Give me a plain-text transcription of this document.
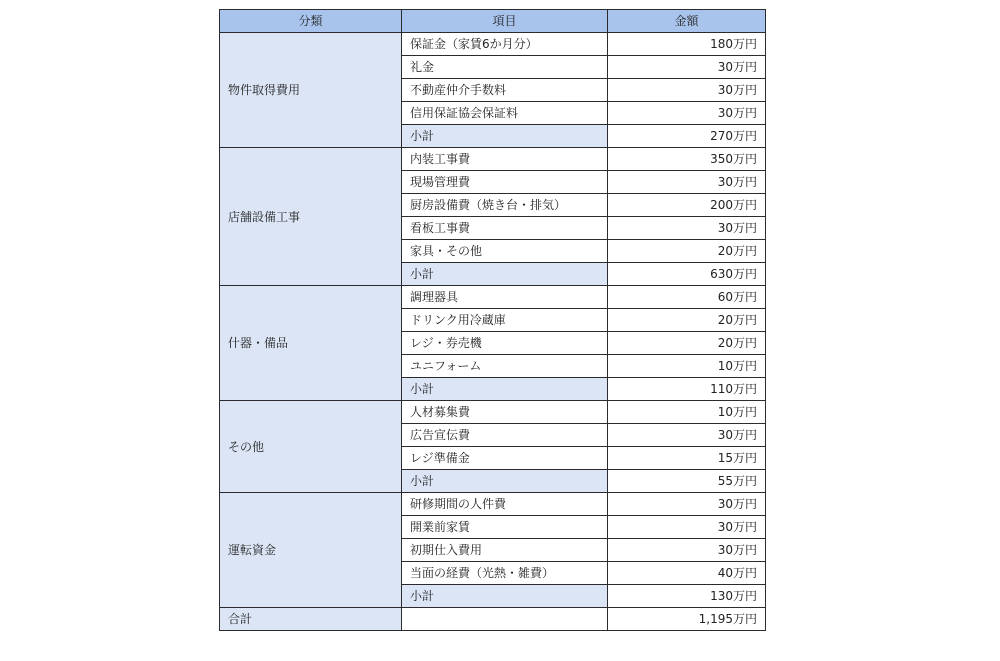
分類	項目	金額
物件取得費用	保証金（家賃6か月分）	180万円
	礼金	30万円
	不動産仲介手数料	30万円
	信用保証協会保証料	30万円
	小計	270万円
店舗設備工事	内装工事費	350万円
	現場管理費	30万円
	厨房設備費（焼き台・排気）	200万円
	看板工事費	30万円
	家具・その他	20万円
	小計	630万円
什器・備品	調理器具	60万円
	ドリンク用冷蔵庫	20万円
	レジ・券売機	20万円
	ユニフォーム	10万円
	小計	110万円
その他	人材募集費	10万円
	広告宣伝費	30万円
	レジ準備金	15万円
	小計	55万円
運転資金	研修期間の人件費	30万円
	開業前家賃	30万円
	初期仕入費用	30万円
	当面の経費（光熱・雑費）	40万円
	小計	130万円
合計		1,195万円
